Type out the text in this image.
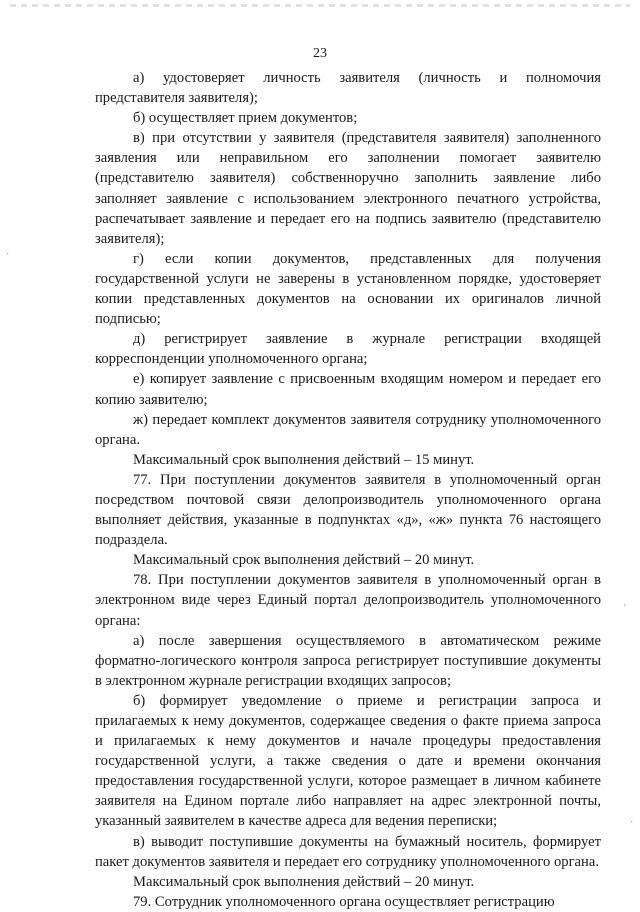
23

а) удостоверяет личность заявителя (личность и полномочия представителя заявителя);

б) осуществляет прием документов;

в) при отсутствии у заявителя (представителя заявителя) заполненного заявления или неправильном его заполнении помогает заявителю (представителю заявителя) собственноручно заполнить заявление либо заполняет заявление с использованием электронного печатного устройства, распечатывает заявление и передает его на подпись заявителю (представителю заявителя);

г) если копии документов, представленных для получения государственной услуги не заверены в установленном порядке, удостоверяет копии представленных документов на основании их оригиналов личной подписью;

д) регистрирует заявление в журнале регистрации входящей корреспонденции уполномоченного органа;

е) копирует заявление с присвоенным входящим номером и передает его копию заявителю;

ж) передает комплект документов заявителя сотруднику уполномоченного органа.

Максимальный срок выполнения действий – 15 минут.

77. При поступлении документов заявителя в уполномоченный орган посредством почтовой связи делопроизводитель уполномоченного органа выполняет действия, указанные в подпунктах «д», «ж» пункта 76 настоящего подраздела.

Максимальный срок выполнения действий – 20 минут.

78. При поступлении документов заявителя в уполномоченный орган в электронном виде через Единый портал делопроизводитель уполномоченного органа:

а) после завершения осуществляемого в автоматическом режиме форматно-логического контроля запроса регистрирует поступившие документы в электронном журнале регистрации входящих запросов;

б) формирует уведомление о приеме и регистрации запроса и прилагаемых к нему документов, содержащее сведения о факте приема запроса и прилагаемых к нему документов и начале процедуры предоставления государственной услуги, а также сведения о дате и времени окончания предоставления государственной услуги, которое размещает в личном кабинете заявителя на Едином портале либо направляет на адрес электронной почты, указанный заявителем в качестве адреса для ведения переписки;

в) выводит поступившие документы на бумажный носитель, формирует пакет документов заявителя и передает его сотруднику уполномоченного органа.

Максимальный срок выполнения действий – 20 минут.

79. Сотрудник уполномоченного органа осуществляет регистрацию

·
'
·
